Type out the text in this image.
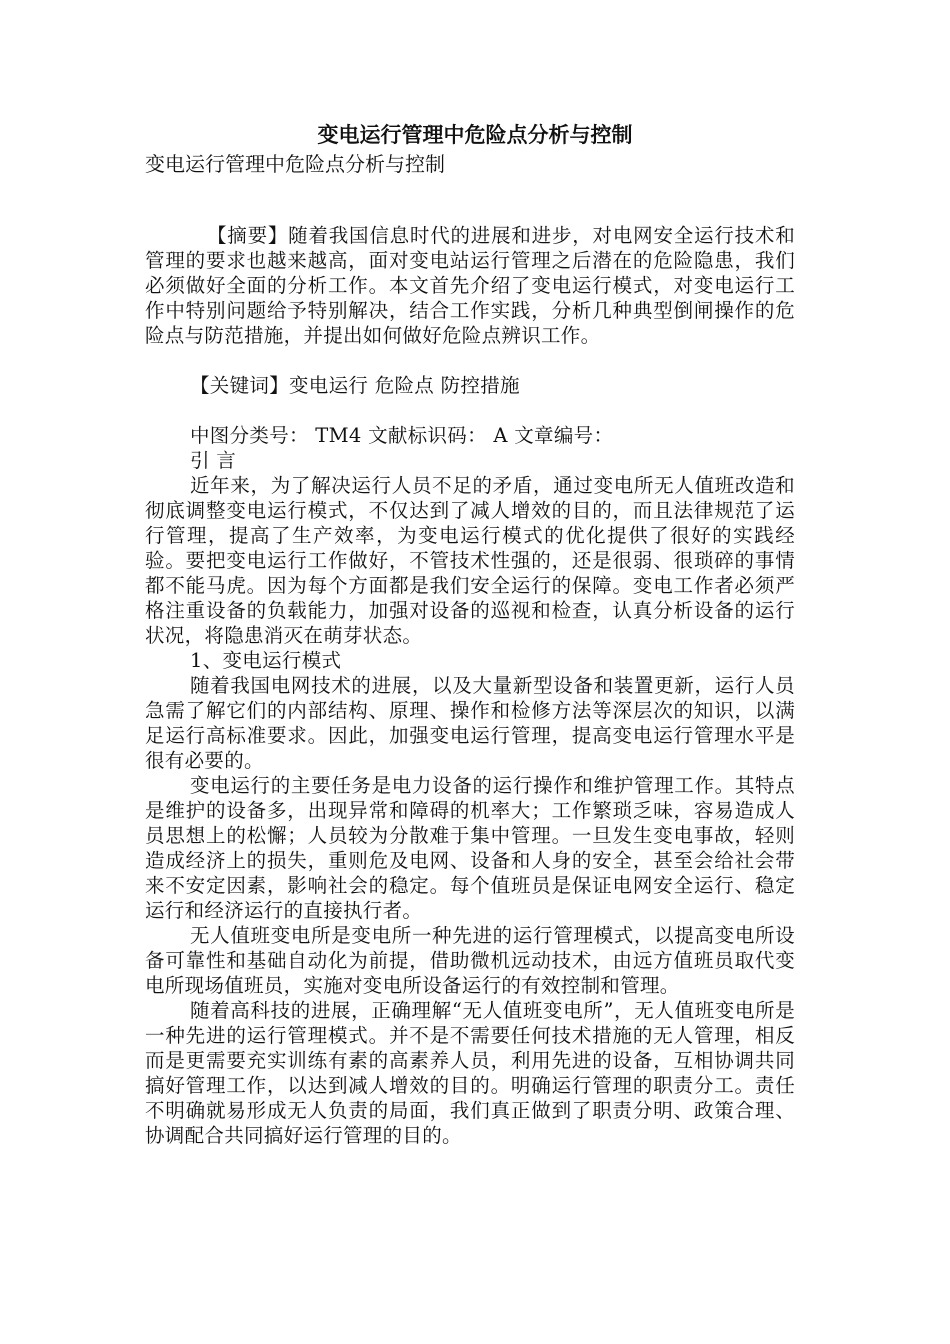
变电运行管理中危险点分析与控制
变电运行管理中危险点分析与控制

【摘要】随着我国信息时代的进展和进步，对电网安全运行技术和管理的要求也越来越高，面对变电站运行管理之后潜在的危险隐患，我们必须做好全面的分析工作。本文首先介绍了变电运行模式，对变电运行工作中特别问题给予特别解决，结合工作实践，分析几种典型倒闸操作的危险点与防范措施，并提出如何做好危险点辨识工作。

【关键词】变电运行 危险点 防控措施

中图分类号： TM4 文献标识码： A 文章编号：

引 言

近年来，为了解决运行人员不足的矛盾，通过变电所无人值班改造和彻底调整变电运行模式，不仅达到了减人增效的目的，而且法律规范了运行管理，提高了生产效率，为变电运行模式的优化提供了很好的实践经验。要把变电运行工作做好，不管技术性强的，还是很弱、很琐碎的事情都不能马虎。因为每个方面都是我们安全运行的保障。变电工作者必须严格注重设备的负载能力，加强对设备的巡视和检查，认真分析设备的运行状况，将隐患消灭在萌芽状态。

1、变电运行模式

随着我国电网技术的进展，以及大量新型设备和装置更新，运行人员急需了解它们的内部结构、原理、操作和检修方法等深层次的知识，以满足运行高标准要求。因此，加强变电运行管理，提高变电运行管理水平是很有必要的。

变电运行的主要任务是电力设备的运行操作和维护管理工作。其特点是维护的设备多，出现异常和障碍的机率大；工作繁琐乏味，容易造成人员思想上的松懈；人员较为分散难于集中管理。一旦发生变电事故，轻则造成经济上的损失，重则危及电网、设备和人身的安全，甚至会给社会带来不安定因素，影响社会的稳定。每个值班员是保证电网安全运行、稳定运行和经济运行的直接执行者。

无人值班变电所是变电所一种先进的运行管理模式，以提高变电所设备可靠性和基础自动化为前提，借助微机远动技术，由远方值班员取代变电所现场值班员，实施对变电所设备运行的有效控制和管理。

随着高科技的进展，正确理解“无人值班变电所”，无人值班变电所是一种先进的运行管理模式。并不是不需要任何技术措施的无人管理，相反而是更需要充实训练有素的高素养人员，利用先进的设备，互相协调共同搞好管理工作，以达到减人增效的目的。明确运行管理的职责分工。责任不明确就易形成无人负责的局面，我们真正做到了职责分明、政策合理、协调配合共同搞好运行管理的目的。
